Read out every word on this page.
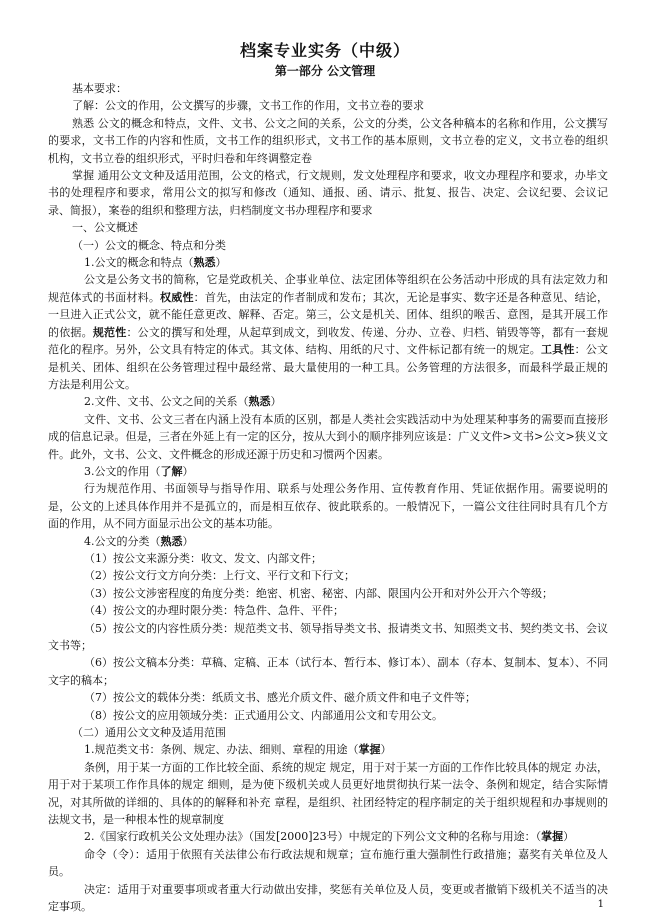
档案专业实务（中级）
第一部分 公文管理

基本要求：

了解：公文的作用，公文撰写的步骤，文书工作的作用，文书立卷的要求

熟悉 公文的概念和特点，文件、文书、公文之间的关系，公文的分类，公文各种稿本的名称和作用，公文撰写的要求，文书工作的内容和性质，文书工作的组织形式，文书工作的基本原则，文书立卷的定义，文书立卷的组织机构，文书立卷的组织形式，平时归卷和年终调整定卷

掌握 通用公文文种及适用范围，公文的格式，行文规则，发文处理程序和要求，收文办理程序和要求，办毕文书的处理程序和要求，常用公文的拟写和修改（通知、通报、函、请示、批复、报告、决定、会议纪要、会议记录、简报），案卷的组织和整理方法，归档制度文书办理程序和要求

一、公文概述

（一）公文的概念、特点和分类

1.公文的概念和特点（熟悉）

公文是公务文书的简称，它是党政机关、企事业单位、法定团体等组织在公务活动中形成的具有法定效力和规范体式的书面材料。权威性：首先，由法定的作者制成和发布；其次，无论是事实、数字还是各种意见、结论，一旦进入正式公文，就不能任意更改、解释、否定。第三，公文是机关、团体、组织的喉舌、意图，是其开展工作的依据。规范性：公文的撰写和处理，从起草到成文，到收发、传递、分办、立卷、归档、销毁等等，都有一套规范化的程序。另外，公文具有特定的体式。其文体、结构、用纸的尺寸、文件标记都有统一的规定。工具性：公文是机关、团体、组织在公务管理过程中最经常、最大量使用的一种工具。公务管理的方法很多，而最科学最正规的方法是利用公文。

2.文件、文书、公文之间的关系（熟悉）

文件、文书、公文三者在内涵上没有本质的区别，都是人类社会实践活动中为处理某种事务的需要而直接形成的信息记录。但是，三者在外延上有一定的区分，按从大到小的顺序排列应该是：广义文件>文书>公文>狭义文件。此外，文书、公文、文件概念的形成还源于历史和习惯两个因素。

3.公文的作用（了解）

行为规范作用、书面领导与指导作用、联系与处理公务作用、宣传教育作用、凭证依据作用。需要说明的是，公文的上述具体作用并不是孤立的，而是相互依存、彼此联系的。一般情况下，一篇公文往往同时具有几个方面的作用，从不同方面显示出公文的基本功能。

4.公文的分类（熟悉）

（1）按公文来源分类：收文、发文、内部文件；

（2）按公文行文方向分类：上行文、平行文和下行文；

（3）按公文涉密程度的角度分类：绝密、机密、秘密、内部、限国内公开和对外公开六个等级；

（4）按公文的办理时限分类：特急件、急件、平件；

（5）按公文的内容性质分类：规范类文书、领导指导类文书、报请类文书、知照类文书、契约类文书、会议文书等；

（6）按公文稿本分类：草稿、定稿、正本（试行本、暂行本、修订本）、副本（存本、复制本、复本）、不同文字的稿本；

（7）按公文的载体分类：纸质文书、感光介质文件、磁介质文件和电子文件等；

（8）按公文的应用领域分类：正式通用公文、内部通用公文和专用公文。

（二）通用公文文种及适用范围

1.规范类文书：条例、规定、办法、细则、章程的用途（掌握）

条例，用于某一方面的工作比较全面、系统的规定 规定，用于对于某一方面的工作作比较具体的规定 办法，用于对于某项工作作具体的规定 细则，是为使下级机关或人员更好地贯彻执行某一法令、条例和规定，结合实际情况，对其所做的详细的、具体的的解释和补充 章程，是组织、社团经特定的程序制定的关于组织规程和办事规则的法规文书，是一种根本性的规章制度

2.《国家行政机关公文处理办法》（国发[2000]23号）中规定的下列公文文种的名称与用途：（掌握）

命令（令）：适用于依照有关法律公布行政法规和规章；宣布施行重大强制性行政措施；嘉奖有关单位及人员。

决定：适用于对重要事项或者重大行动做出安排，奖惩有关单位及人员，变更或者撤销下级机关不适当的决定事项。	1
